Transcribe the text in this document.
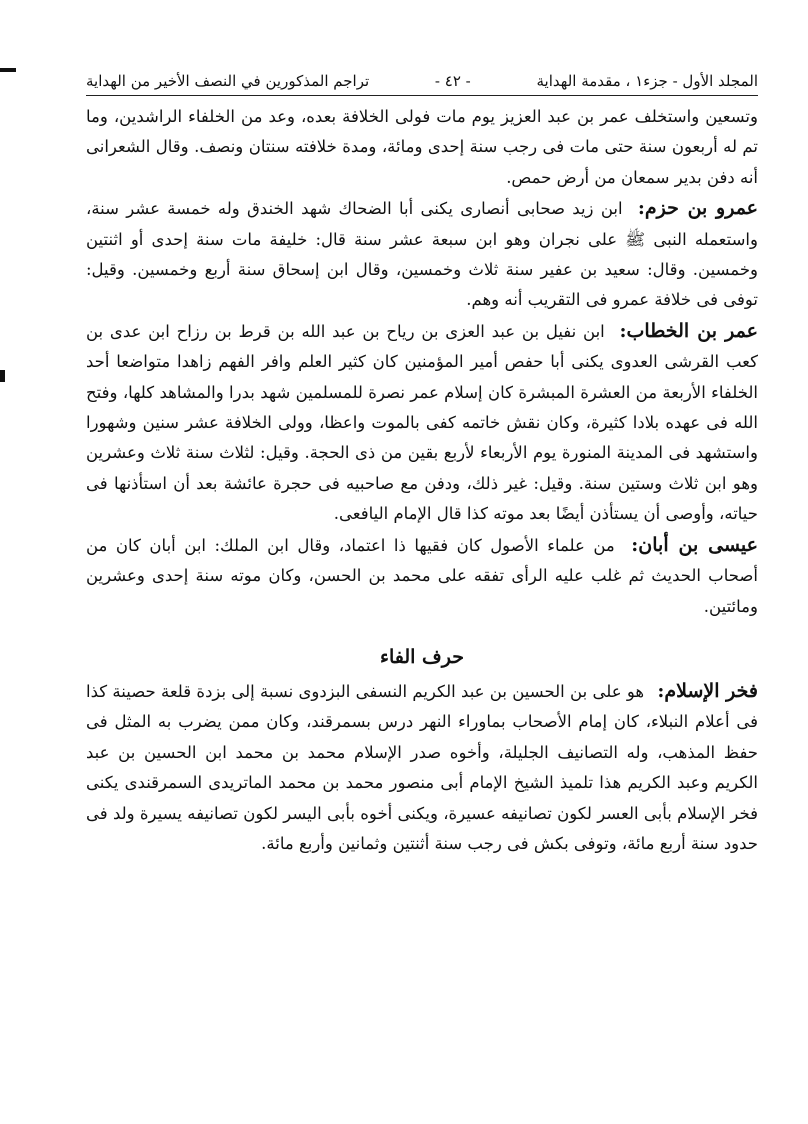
المجلد الأول - جزء١ ، مقدمة الهداية
- ٤٢ -
تراجم المذكورين في النصف الأخير من الهداية

وتسعين واستخلف عمر بن عبد العزيز يوم مات فولى الخلافة بعده، وعد من الخلفاء الراشدين، وما تم له أربعون سنة حتى مات فى رجب سنة إحدى ومائة، ومدة خلافته سنتان ونصف. وقال الشعرانى أنه دفن بدير سمعان من أرض حمص.

عمرو بن حزم: ابن زيد صحابى أنصارى يكنى أبا الضحاك شهد الخندق وله خمسة عشر سنة، واستعمله النبى ﷺ على نجران وهو ابن سبعة عشر سنة قال: خليفة مات سنة إحدى أو اثنتين وخمسين. وقال: سعيد بن عفير سنة ثلاث وخمسين، وقال ابن إسحاق سنة أربع وخمسين. وقيل: توفى فى خلافة عمرو فى التقريب أنه وهم.

عمر بن الخطاب: ابن نفيل بن عبد العزى بن رياح بن عبد الله بن قرط بن رزاح ابن عدى بن كعب القرشى العدوى يكنى أبا حفص أمير المؤمنين كان كثير العلم وافر الفهم زاهدا متواضعا أحد الخلفاء الأربعة من العشرة المبشرة كان إسلام عمر نصرة للمسلمين شهد بدرا والمشاهد كلها، وفتح الله فى عهده بلادا كثيرة، وكان نقش خاتمه كفى بالموت واعظا، وولى الخلافة عشر سنين وشهورا واستشهد فى المدينة المنورة يوم الأربعاء لأربع بقين من ذى الحجة. وقيل: لثلاث سنة ثلاث وعشرين وهو ابن ثلاث وستين سنة. وقيل: غير ذلك، ودفن مع صاحبيه فى حجرة عائشة بعد أن استأذنها فى حياته، وأوصى أن يستأذن أيضًا بعد موته كذا قال الإمام اليافعى.

عيسى بن أبان: من علماء الأصول كان فقيها ذا اعتماد، وقال ابن الملك: ابن أبان كان من أصحاب الحديث ثم غلب عليه الرأى تفقه على محمد بن الحسن، وكان موته سنة إحدى وعشرين ومائتين.

حرف الفاء

فخر الإسلام: هو على بن الحسين بن عبد الكريم النسفى البزدوى نسبة إلى بزدة قلعة حصينة كذا فى أعلام النبلاء، كان إمام الأصحاب بماوراء النهر درس بسمرقند، وكان ممن يضرب به المثل فى حفظ المذهب، وله التصانيف الجليلة، وأخوه صدر الإسلام محمد بن محمد ابن الحسين بن عبد الكريم وعبد الكريم هذا تلميذ الشيخ الإمام أبى منصور محمد بن محمد الماتريدى السمرقندى يكنى فخر الإسلام بأبى العسر لكون تصانيفه عسيرة، ويكنى أخوه بأبى اليسر لكون تصانيفه يسيرة ولد فى حدود سنة أربع مائة، وتوفى بكش فى رجب سنة أثنتين وثمانين وأربع مائة.
